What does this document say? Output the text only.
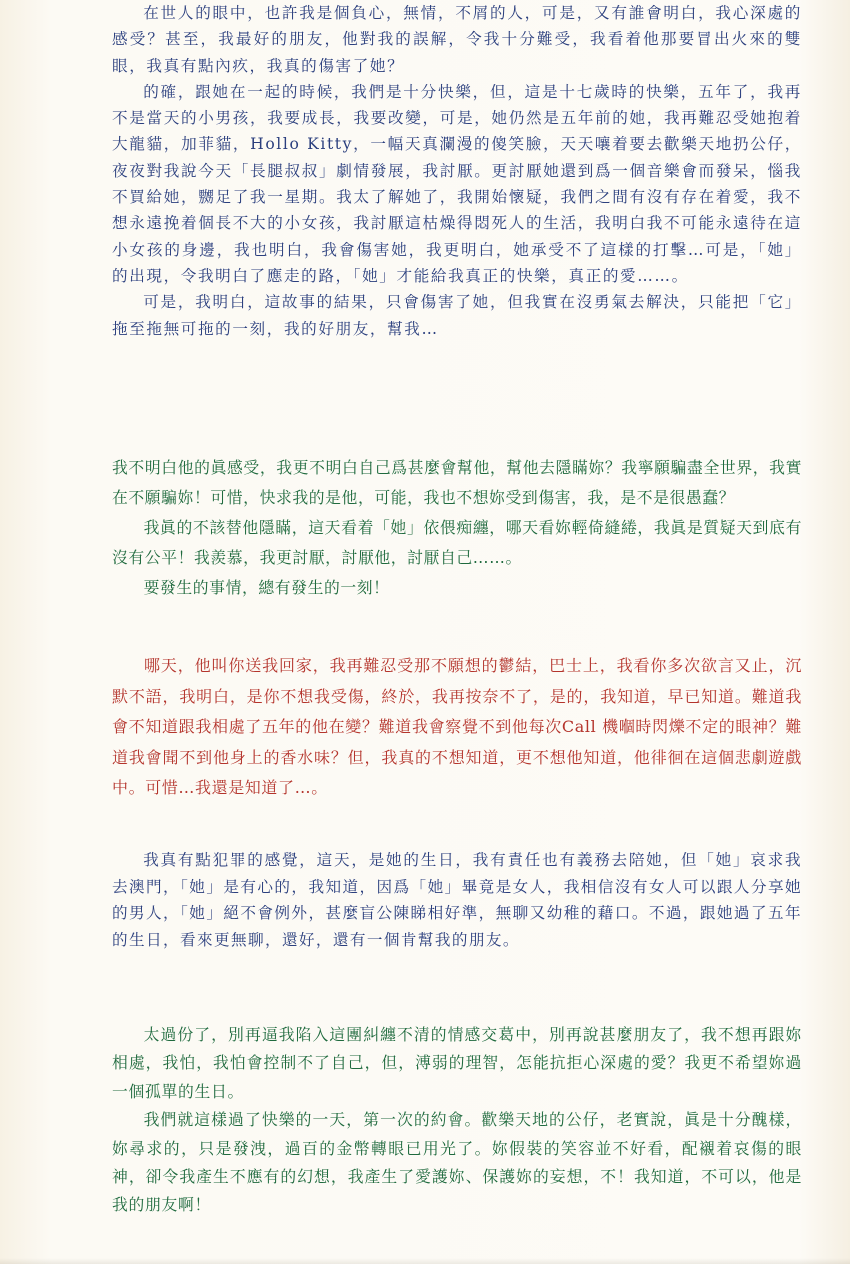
在世人的眼中，也許我是個負心，無情，不屑的人，可是，又有誰會明白，我心深處的感受？甚至，我最好的朋友，他對我的誤解，令我十分難受，我看着他那要冒出火來的雙眼，我真有點內疚，我真的傷害了她？

的確，跟她在一起的時候，我們是十分快樂，但，這是十七歲時的快樂，五年了，我再不是當天的小男孩，我要成長，我要改變，可是，她仍然是五年前的她，我再難忍受她抱着大龍貓，加菲貓，Hollo Kitty，一幅天真瀾漫的傻笑臉，天天嚷着要去歡樂天地扔公仔，夜夜對我說今天「長腿叔叔」劇情發展，我討厭。更討厭她還到爲一個音樂會而發呆，惱我不買給她，嬲足了我一星期。我太了解她了，我開始懷疑，我們之間有沒有存在着愛，我不想永遠挽着個長不大的小女孩，我討厭這枯燥得悶死人的生活，我明白我不可能永遠待在這小女孩的身邊，我也明白，我會傷害她，我更明白，她承受不了這樣的打擊…可是，「她」的出現，令我明白了應走的路，「她」才能給我真正的快樂，真正的愛……。

可是，我明白，這故事的結果，只會傷害了她，但我實在沒勇氣去解決，只能把「它」拖至拖無可拖的一刻，我的好朋友，幫我…

我不明白他的眞感受，我更不明白自己爲甚麼會幫他，幫他去隱瞞妳？我寧願騙盡全世界，我實在不願騙妳！可惜，快求我的是他，可能，我也不想妳受到傷害，我，是不是很愚蠢？

我眞的不該替他隱瞞，這天看着「她」依偎痴纏，哪天看妳輕倚縫綣，我眞是質疑天到底有沒有公平！我羨慕，我更討厭，討厭他，討厭自己……。

要發生的事情，總有發生的一刻！

哪天，他叫你送我回家，我再難忍受那不願想的鬱結，巴士上，我看你多次欲言又止，沉默不語，我明白，是你不想我受傷，終於，我再按奈不了，是的，我知道，早已知道。難道我會不知道跟我相處了五年的他在變？難道我會察覺不到他每次Call 機嗰時閃爍不定的眼神？難道我會聞不到他身上的香水味？但，我真的不想知道，更不想他知道，他徘徊在這個悲劇遊戲中。可惜…我還是知道了…。

我真有點犯罪的感覺，這天，是她的生日，我有責任也有義務去陪她，但「她」哀求我去澳門，「她」是有心的，我知道，因爲「她」畢竟是女人，我相信沒有女人可以跟人分享她的男人，「她」絕不會例外，甚麼盲公陳睇相好準，無聊又幼稚的藉口。不過，跟她過了五年的生日，看來更無聊，還好，還有一個肯幫我的朋友。

太過份了，別再逼我陷入這團糾纏不清的情感交葛中，別再說甚麼朋友了，我不想再跟妳相處，我怕，我怕會控制不了自己，但，溥弱的理智，怎能抗拒心深處的愛？我更不希望妳過一個孤單的生日。

我們就這樣過了快樂的一天，第一次的約會。歡樂天地的公仔，老實說，眞是十分醜樣，妳尋求的，只是發洩，過百的金幣轉眼已用光了。妳假裝的笑容並不好看，配襯着哀傷的眼神，卻令我產生不應有的幻想，我產生了愛護妳、保護妳的妄想，不！我知道，不可以，他是我的朋友啊！
